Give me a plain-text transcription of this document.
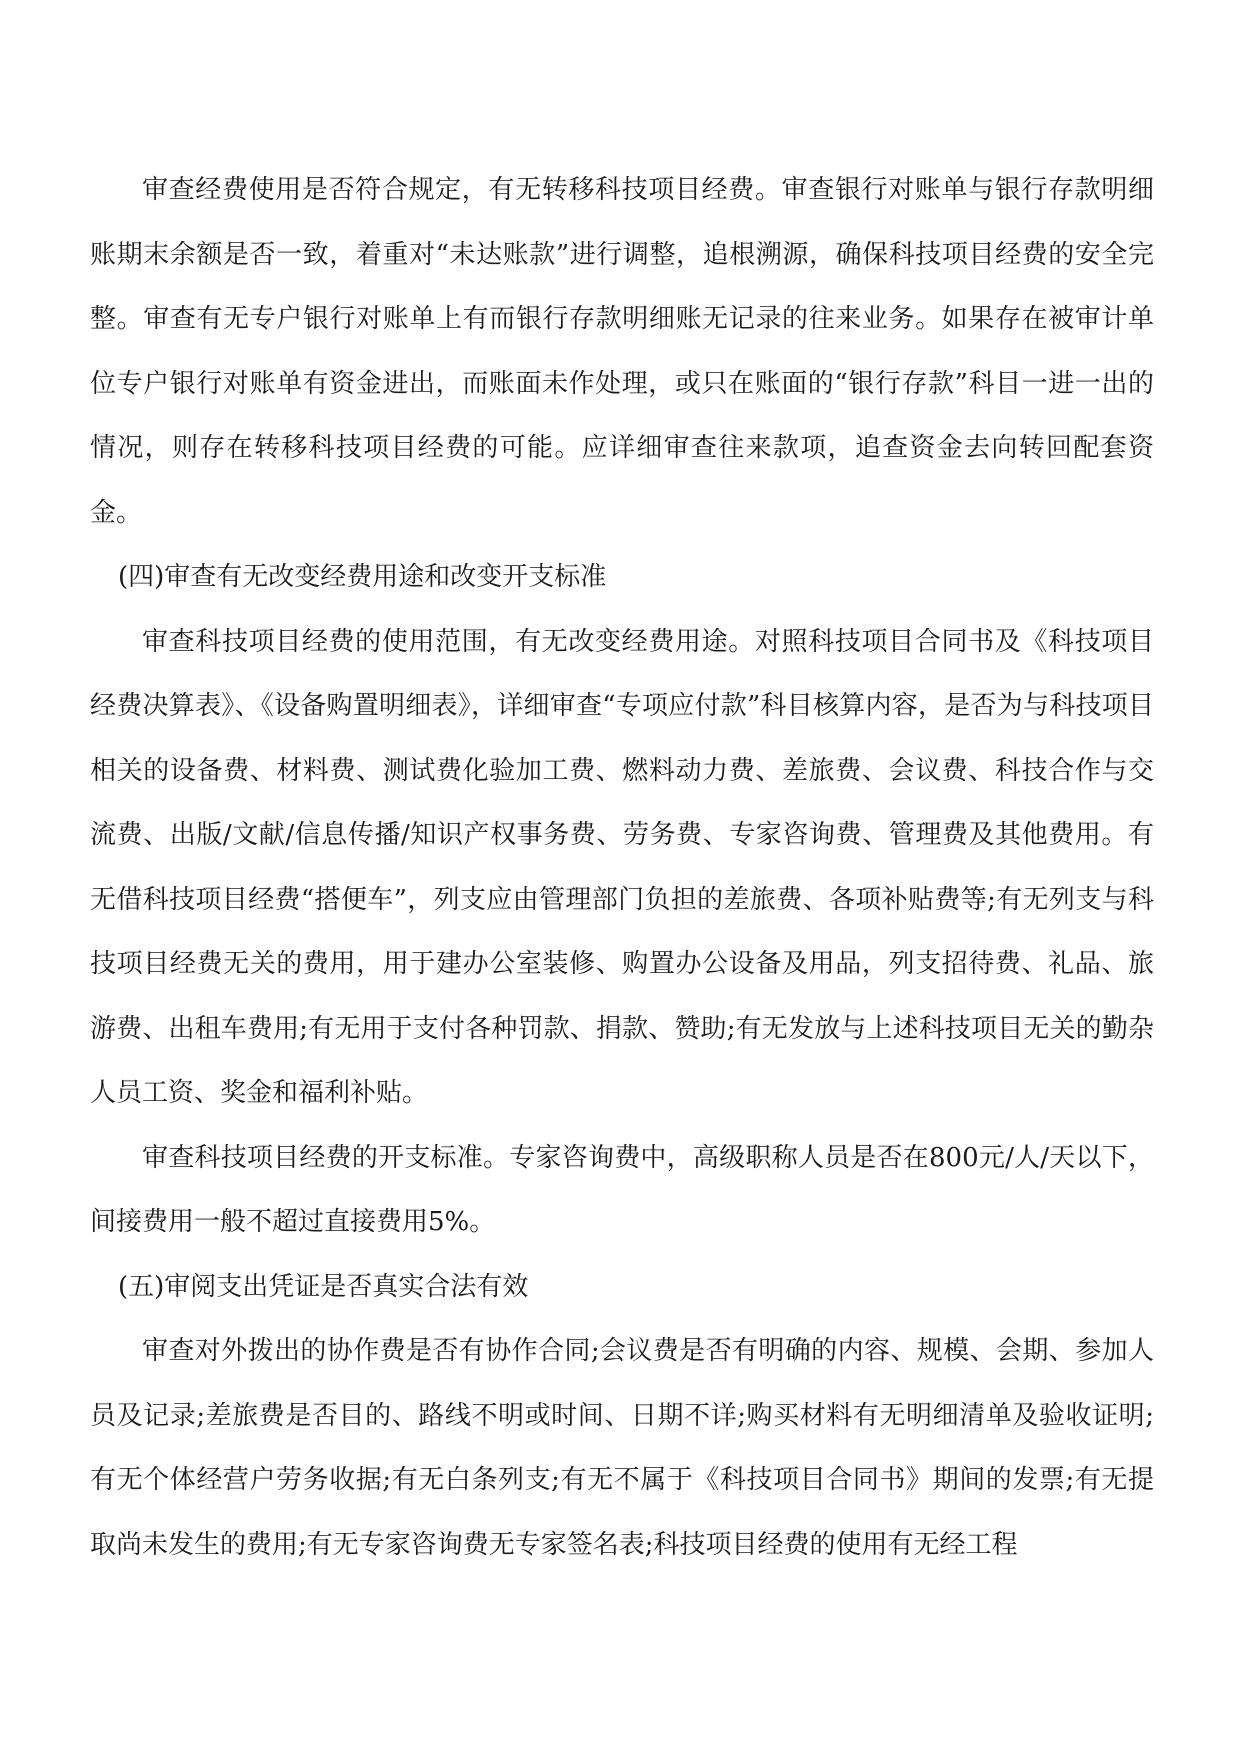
审查经费使用是否符合规定，有无转移科技项目经费。审查银行对账单与银行存款明细账期末余额是否一致，着重对“未达账款”进行调整，追根溯源，确保科技项目经费的安全完整。审查有无专户银行对账单上有而银行存款明细账无记录的往来业务。如果存在被审计单位专户银行对账单有资金进出，而账面未作处理，或只在账面的“银行存款”科目一进一出的情况，则存在转移科技项目经费的可能。应详细审查往来款项，追查资金去向转回配套资金。

(四)审查有无改变经费用途和改变开支标准

审查科技项目经费的使用范围，有无改变经费用途。对照科技项目合同书及《科技项目经费决算表》、《设备购置明细表》，详细审查“专项应付款”科目核算内容，是否为与科技项目相关的设备费、材料费、测试费化验加工费、燃料动力费、差旅费、会议费、科技合作与交流费、出版/文献/信息传播/知识产权事务费、劳务费、专家咨询费、管理费及其他费用。有无借科技项目经费“搭便车”，列支应由管理部门负担的差旅费、各项补贴费等;有无列支与科技项目经费无关的费用，用于建办公室装修、购置办公设备及用品，列支招待费、礼品、旅游费、出租车费用;有无用于支付各种罚款、捐款、赞助;有无发放与上述科技项目无关的勤杂人员工资、奖金和福利补贴。

审查科技项目经费的开支标准。专家咨询费中，高级职称人员是否在800元/人/天以下，间接费用一般不超过直接费用5%。

(五)审阅支出凭证是否真实合法有效

审查对外拨出的协作费是否有协作合同;会议费是否有明确的内容、规模、会期、参加人员及记录;差旅费是否目的、路线不明或时间、日期不详;购买材料有无明细清单及验收证明;有无个体经营户劳务收据;有无白条列支;有无不属于《科技项目合同书》期间的发票;有无提取尚未发生的费用;有无专家咨询费无专家签名表;科技项目经费的使用有无经工程
